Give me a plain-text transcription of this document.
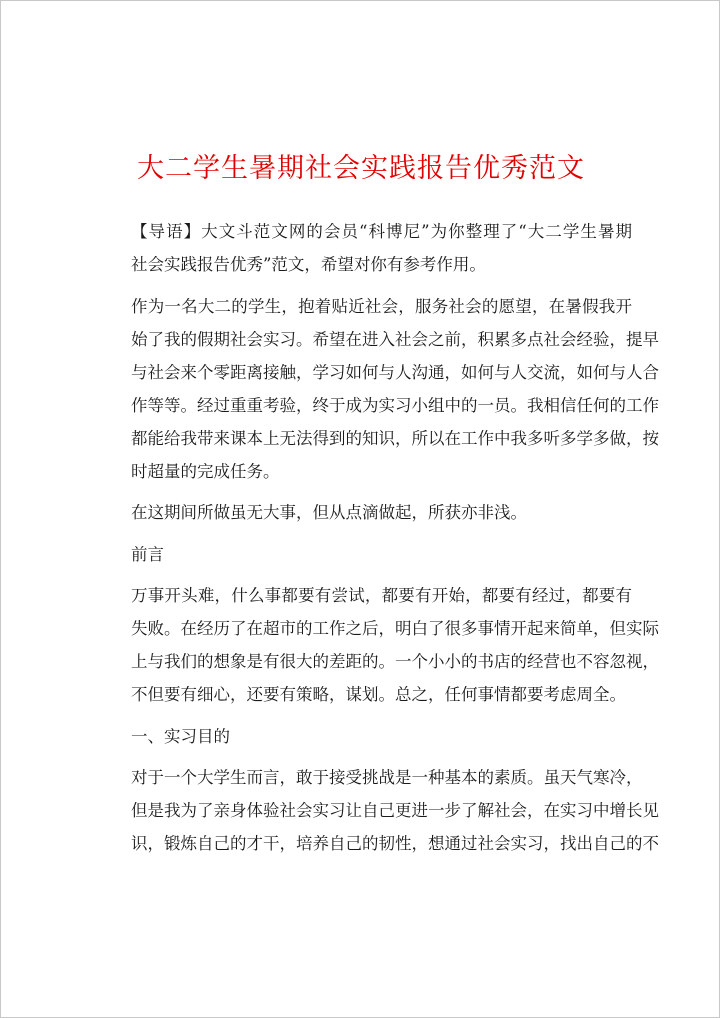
大二学生暑期社会实践报告优秀范文

【导语】大文斗范文网的会员“科博尼”为你整理了“大二学生暑期
社会实践报告优秀”范文，希望对你有参考作用。

作为一名大二的学生，抱着贴近社会，服务社会的愿望，在暑假我开
始了我的假期社会实习。希望在进入社会之前，积累多点社会经验，提早
与社会来个零距离接触，学习如何与人沟通，如何与人交流，如何与人合
作等等。经过重重考验，终于成为实习小组中的一员。我相信任何的工作
都能给我带来课本上无法得到的知识，所以在工作中我多听多学多做，按
时超量的完成任务。

在这期间所做虽无大事，但从点滴做起，所获亦非浅。

前言

万事开头难，什么事都要有尝试，都要有开始，都要有经过，都要有
失败。在经历了在超市的工作之后，明白了很多事情开起来简单，但实际
上与我们的想象是有很大的差距的。一个小小的书店的经营也不容忽视，
不但要有细心，还要有策略，谋划。总之，任何事情都要考虑周全。

一、实习目的

对于一个大学生而言，敢于接受挑战是一种基本的素质。虽天气寒冷，
但是我为了亲身体验社会实习让自己更进一步了解社会，在实习中增长见
识，锻炼自己的才干，培养自己的韧性，想通过社会实习，找出自己的不
